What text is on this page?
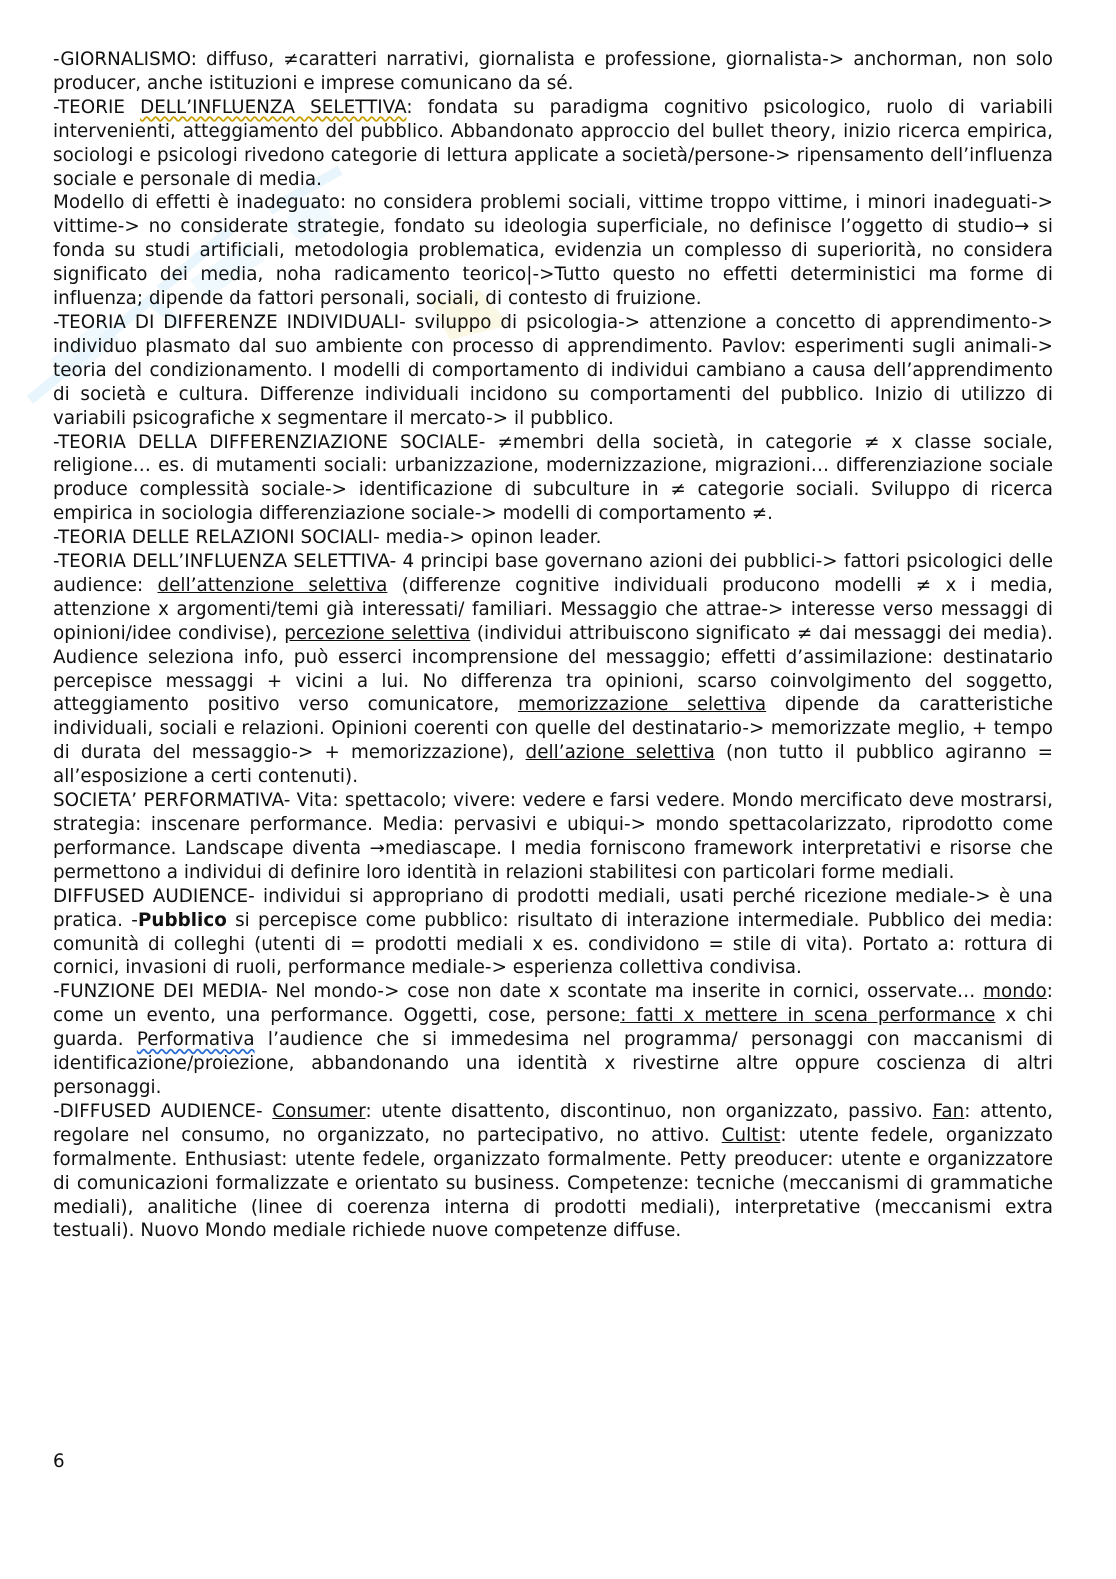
-GIORNALISMO: diffuso, ≠caratteri narrativi, giornalista e professione, giornalista-> anchorman, non solo producer, anche istituzioni e imprese comunicano da sé.

-TEORIE DELL’INFLUENZA SELETTIVA: fondata su paradigma cognitivo psicologico, ruolo di variabili intervenienti, atteggiamento del pubblico. Abbandonato approccio del bullet theory, inizio ricerca empirica, sociologi e psicologi rivedono categorie di lettura applicate a società/persone-> ripensamento dell’influenza sociale e personale di media.

Modello di effetti è inadeguato: no considera problemi sociali, vittime troppo vittime, i minori inadeguati-> vittime-> no considerate strategie, fondato su ideologia superficiale, no definisce l’oggetto di studio→ si fonda su studi artificiali, metodologia problematica, evidenzia un complesso di superiorità, no considera significato dei media, noha radicamento teorico|->Tutto questo no effetti deterministici ma forme di influenza; dipende da fattori personali, sociali, di contesto di fruizione.

-TEORIA DI DIFFERENZE INDIVIDUALI- sviluppo di psicologia-> attenzione a concetto di apprendimento-> individuo plasmato dal suo ambiente con processo di apprendimento. Pavlov: esperimenti sugli animali-> teoria del condizionamento. I modelli di comportamento di individui cambiano a causa dell’apprendimento di società e cultura. Differenze individuali incidono su comportamenti del pubblico. Inizio di utilizzo di variabili psicografiche x segmentare il mercato-> il pubblico.

-TEORIA DELLA DIFFERENZIAZIONE SOCIALE- ≠membri della società, in categorie ≠ x classe sociale, religione… es. di mutamenti sociali: urbanizzazione, modernizzazione, migrazioni… differenziazione sociale produce complessità sociale-> identificazione di subculture in ≠ categorie sociali. Sviluppo di ricerca empirica in sociologia differenziazione sociale-> modelli di comportamento ≠.

-TEORIA DELLE RELAZIONI SOCIALI- media-> opinon leader.

-TEORIA DELL’INFLUENZA SELETTIVA- 4 principi base governano azioni dei pubblici-> fattori psicologici delle audience: dell’attenzione selettiva (differenze cognitive individuali producono modelli ≠ x i media, attenzione x argomenti/temi già interessati/ familiari. Messaggio che attrae-> interesse verso messaggi di opinioni/idee condivise), percezione selettiva (individui attribuiscono significato ≠ dai messaggi dei media). Audience seleziona info, può esserci incomprensione del messaggio; effetti d’assimilazione: destinatario percepisce messaggi + vicini a lui. No differenza tra opinioni, scarso coinvolgimento del soggetto, atteggiamento positivo verso comunicatore, memorizzazione selettiva dipende da caratteristiche individuali, sociali e relazioni. Opinioni coerenti con quelle del destinatario-> memorizzate meglio, + tempo di durata del messaggio-> + memorizzazione), dell’azione selettiva (non tutto il pubblico agiranno = all’esposizione a certi contenuti).

SOCIETA’ PERFORMATIVA- Vita: spettacolo; vivere: vedere e farsi vedere. Mondo mercificato deve mostrarsi, strategia: inscenare performance. Media: pervasivi e ubiqui-> mondo spettacolarizzato, riprodotto come performance. Landscape diventa →mediascape. I media forniscono framework interpretativi e risorse che permettono a individui di definire loro identità in relazioni stabilitesi con particolari forme mediali.

DIFFUSED AUDIENCE- individui si appropriano di prodotti mediali, usati perché ricezione mediale-> è una pratica. -Pubblico si percepisce come pubblico: risultato di interazione intermediale. Pubblico dei media: comunità di colleghi (utenti di = prodotti mediali x es. condividono = stile di vita). Portato a: rottura di cornici, invasioni di ruoli, performance mediale-> esperienza collettiva condivisa.

-FUNZIONE DEI MEDIA- Nel mondo-> cose non date x scontate ma inserite in cornici, osservate… mondo: come un evento, una performance. Oggetti, cose, persone: fatti x mettere in scena performance x chi guarda. Performativa l’audience che si immedesima nel programma/ personaggi con maccanismi di identificazione/proiezione, abbandonando una identità x rivestirne altre oppure coscienza di altri personaggi.

-DIFFUSED AUDIENCE- Consumer: utente disattento, discontinuo, non organizzato, passivo. Fan: attento, regolare nel consumo, no organizzato, no partecipativo, no attivo. Cultist: utente fedele, organizzato formalmente. Enthusiast: utente fedele, organizzato formalmente. Petty preoducer: utente e organizzatore di comunicazioni formalizzate e orientato su business. Competenze: tecniche (meccanismi di grammatiche mediali), analitiche (linee di coerenza interna di prodotti mediali), interpretative (meccanismi extra testuali). Nuovo Mondo mediale richiede nuove competenze diffuse.

6
